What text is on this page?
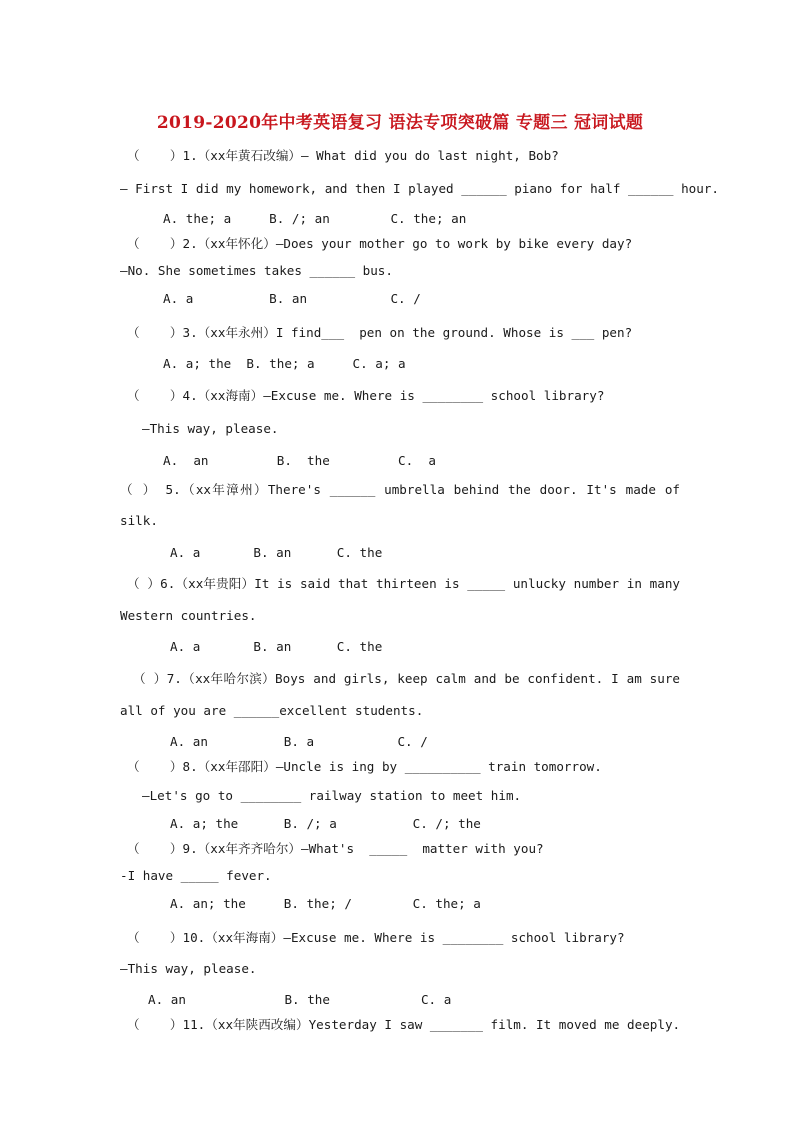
2019-2020年中考英语复习 语法专项突破篇 专题三 冠词试题
（    ）1.（xx年黄石改编）— What did you do last night, Bob?
— First I did my homework, and then I played ______ piano for half ______ hour.
A. the; a     B. /; an        C. the; an
（    ）2.（xx年怀化）—Does your mother go to work by bike every day?
—No. She sometimes takes ______ bus.
A. a          B. an           C. /
（    ）3.（xx年永州）I find___  pen on the ground. Whose is ___ pen?
A. a; the  B. the; a     C. a; a
（    ）4.（xx海南）—Excuse me. Where is ________ school library?
—This way, please.
A.  an         B.  the         C.  a
（ ） 5.（xx年漳州）There's ______ umbrella behind the door. It's made of
silk.
A. a       B. an      C. the
（ ）6.（xx年贵阳）It is said that thirteen is _____ unlucky number in many
Western countries.
A. a       B. an      C. the
（ ）7.（xx年哈尔滨）Boys and girls, keep calm and be confident. I am sure
all of you are ______excellent students.
A. an          B. a           C. /
（    ）8.（xx年邵阳）—Uncle is ing by __________ train tomorrow.
—Let's go to ________ railway station to meet him.
A. a; the      B. /; a          C. /; the
（    ）9.（xx年齐齐哈尔）—What's  _____  matter with you?
-I have _____ fever.
A. an; the     B. the; /        C. the; a
（    ）10.（xx年海南）—Excuse me. Where is ________ school library?
—This way, please.
A. an             B. the            C. a
（    ）11.（xx年陕西改编）Yesterday I saw _______ film. It moved me deeply.
